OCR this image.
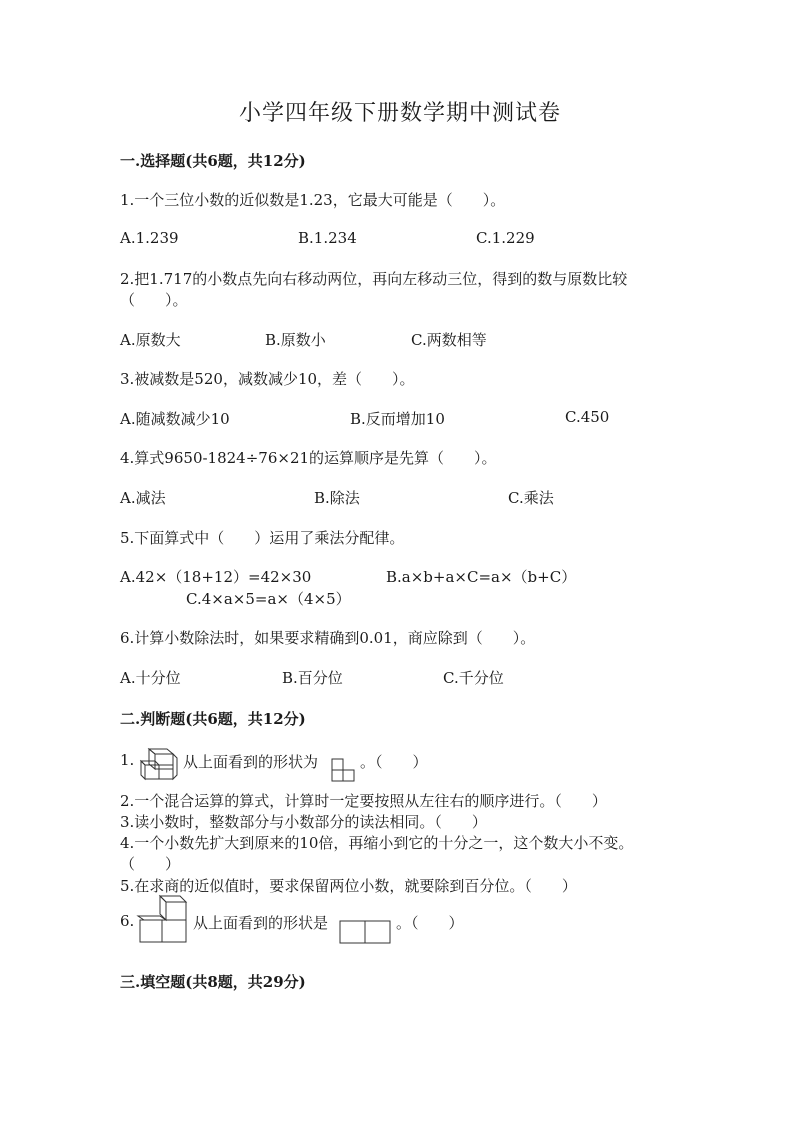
小学四年级下册数学期中测试卷
一.选择题(共6题，共12分)
1.一个三位小数的近似数是1.23，它最大可能是（　　）。
A.1.239	B.1.234	C.1.229
2.把1.717的小数点先向右移动两位，再向左移动三位，得到的数与原数比较
（　　）。
A.原数大	B.原数小	C.两数相等
3.被减数是520，减数减少10，差（　　）。
A.随减数减少10	B.反而增加10	C.450
4.算式9650-1824÷76×21的运算顺序是先算（　　）。
A.减法	B.除法	C.乘法
5.下面算式中（　　）运用了乘法分配律。
A.42×（18+12）=42×30	B.a×b+a×C=a×（b+C）
C.4×a×5=a×（4×5）
6.计算小数除法时，如果要求精确到0.01，商应除到（　　）。
A.十分位	B.百分位	C.千分位
二.判断题(共6题，共12分)
1.	从上面看到的形状为	。（　　）
2.一个混合运算的算式，计算时一定要按照从左往右的顺序进行。（　　）
3.读小数时，整数部分与小数部分的读法相同。（　　）
4.一个小数先扩大到原来的10倍，再缩小到它的十分之一，这个数大小不变。
（　　）
5.在求商的近似值时，要求保留两位小数，就要除到百分位。（　　）
6.	从上面看到的形状是	。（　　）
三.填空题(共8题，共29分)
